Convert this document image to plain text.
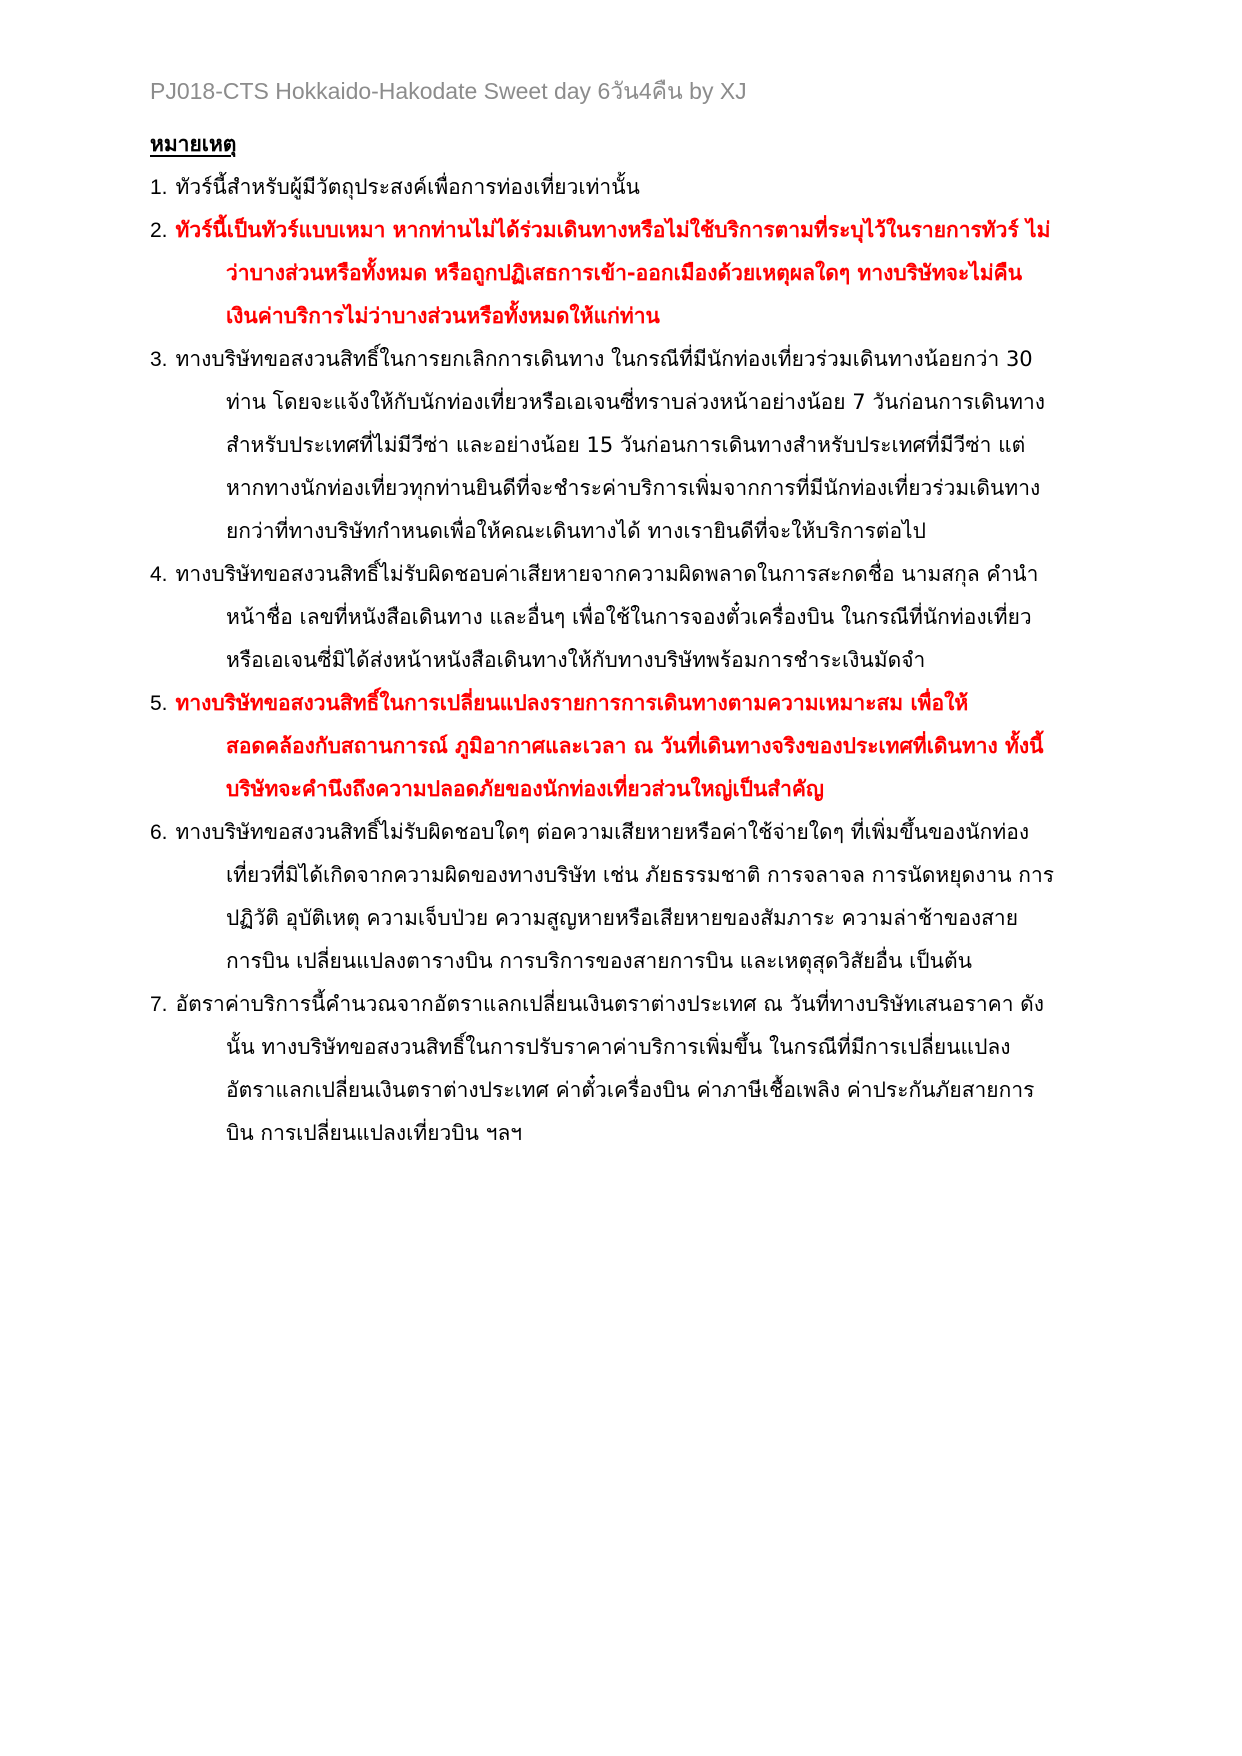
PJ018-CTS Hokkaido-Hakodate Sweet day 6วัน4คืน by XJ
หมายเหตุ
1. ทัวร์นี้สำหรับผู้มีวัตถุประสงค์เพื่อการท่องเที่ยวเท่านั้น
2. ทัวร์นี้เป็นทัวร์แบบเหมา หากท่านไม่ได้ร่วมเดินทางหรือไม่ใช้บริการตามที่ระบุไว้ในรายการทัวร์ ไม่
ว่าบางส่วนหรือทั้งหมด หรือถูกปฏิเสธการเข้า-ออกเมืองด้วยเหตุผลใดๆ ทางบริษัทจะไม่คืน
เงินค่าบริการไม่ว่าบางส่วนหรือทั้งหมดให้แก่ท่าน
3. ทางบริษัทขอสงวนสิทธิ์ในการยกเลิกการเดินทาง ในกรณีที่มีนักท่องเที่ยวร่วมเดินทางน้อยกว่า 30
ท่าน โดยจะแจ้งให้กับนักท่องเที่ยวหรือเอเจนซี่ทราบล่วงหน้าอย่างน้อย 7 วันก่อนการเดินทาง
สำหรับประเทศที่ไม่มีวีซ่า และอย่างน้อย 15 วันก่อนการเดินทางสำหรับประเทศที่มีวีซ่า แต่
หากทางนักท่องเที่ยวทุกท่านยินดีที่จะชำระค่าบริการเพิ่มจากการที่มีนักท่องเที่ยวร่วมเดินทาง
ยกว่าที่ทางบริษัทกำหนดเพื่อให้คณะเดินทางได้ ทางเรายินดีที่จะให้บริการต่อไป
4. ทางบริษัทขอสงวนสิทธิ์ไม่รับผิดชอบค่าเสียหายจากความผิดพลาดในการสะกดชื่อ นามสกุล คำนำ
หน้าชื่อ เลขที่หนังสือเดินทาง และอื่นๆ เพื่อใช้ในการจองตั๋วเครื่องบิน ในกรณีที่นักท่องเที่ยว
หรือเอเจนซี่มิได้ส่งหน้าหนังสือเดินทางให้กับทางบริษัทพร้อมการชำระเงินมัดจำ
5. ทางบริษัทขอสงวนสิทธิ์ในการเปลี่ยนแปลงรายการการเดินทางตามความเหมาะสม เพื่อให้
สอดคล้องกับสถานการณ์ ภูมิอากาศและเวลา ณ วันที่เดินทางจริงของประเทศที่เดินทาง ทั้งนี้
บริษัทจะคำนึงถึงความปลอดภัยของนักท่องเที่ยวส่วนใหญ่เป็นสำคัญ
6. ทางบริษัทขอสงวนสิทธิ์ไม่รับผิดชอบใดๆ ต่อความเสียหายหรือค่าใช้จ่ายใดๆ ที่เพิ่มขึ้นของนักท่อง
เที่ยวที่มิได้เกิดจากความผิดของทางบริษัท เช่น ภัยธรรมชาติ การจลาจล การนัดหยุดงาน การ
ปฏิวัติ อุบัติเหตุ ความเจ็บป่วย ความสูญหายหรือเสียหายของสัมภาระ ความล่าช้าของสาย
การบิน เปลี่ยนแปลงตารางบิน การบริการของสายการบิน และเหตุสุดวิสัยอื่น เป็นต้น
7. อัตราค่าบริการนี้คำนวณจากอัตราแลกเปลี่ยนเงินตราต่างประเทศ ณ วันที่ทางบริษัทเสนอราคา ดัง
นั้น ทางบริษัทขอสงวนสิทธิ์ในการปรับราคาค่าบริการเพิ่มขึ้น ในกรณีที่มีการเปลี่ยนแปลง
อัตราแลกเปลี่ยนเงินตราต่างประเทศ ค่าตั๋วเครื่องบิน ค่าภาษีเชื้อเพลิง ค่าประกันภัยสายการ
บิน การเปลี่ยนแปลงเที่ยวบิน ฯลฯ
